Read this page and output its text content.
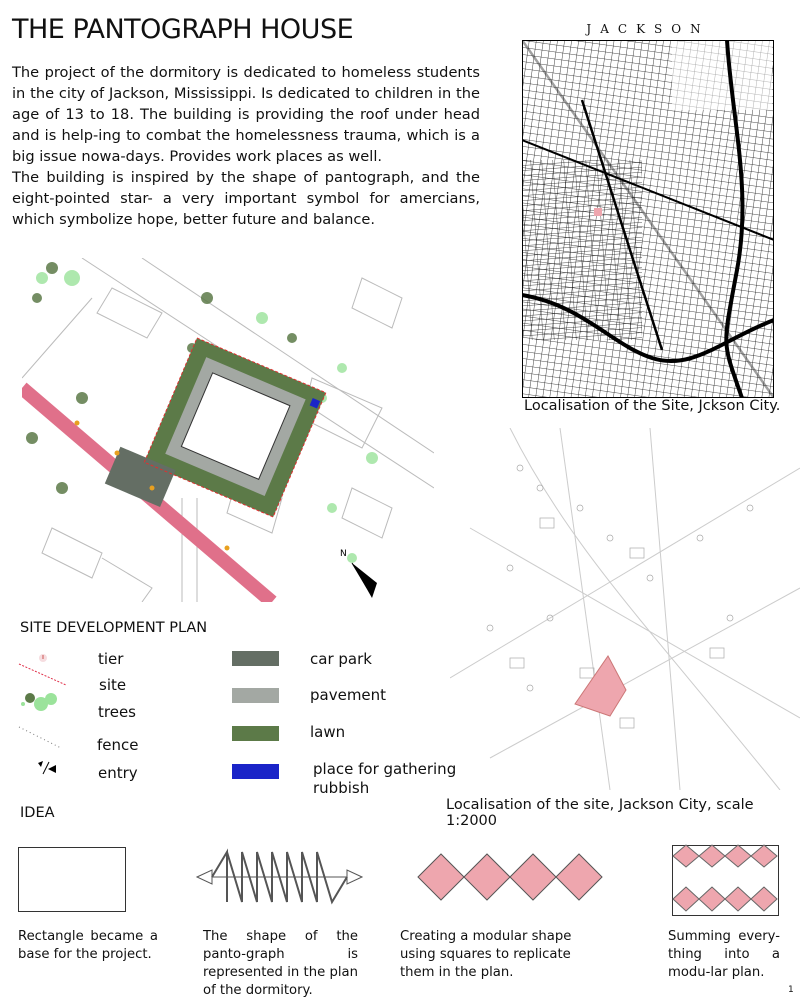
THE PANTOGRAPH HOUSE

The project of the dormitory is dedicated to homeless students in the city of Jackson, Mississippi. Is dedicated to children in the age of 13 to 18. The building is providing the roof under head and is help-ing to combat the homelessness trauma, which is a big issue nowa-days. Provides work places as well.

The building is inspired by the shape of pantograph, and the eight-pointed star- a very important symbol for amercians, which symbolize hope, better future and balance.

JACKSON
Localisation of the Site, Jckson City.
N
Localisation of the site, Jackson City, scale 1:2000
SITE DEVELOPMENT PLAN
tier
site
trees
fence
entry
car park
pavement
lawn
place for gathering rubbish
IDEA
Rectangle became a base for the project.
The shape of the panto-graph is represented in the plan of the dormitory.
Creating a modular shape using squares to replicate them in the plan.
Summing every-thing into a modu-lar plan.
1
